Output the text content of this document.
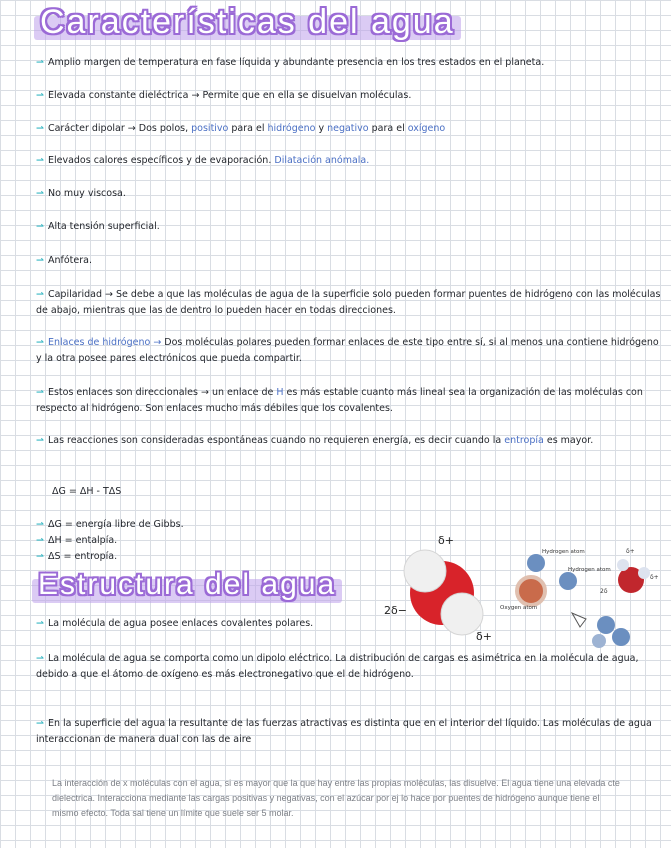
Características del agua
⇀ Amplio margen de temperatura en fase líquida y abundante presencia en los tres estados en el planeta.
⇀ Elevada constante dieléctrica → Permite que en ella se disuelvan moléculas.
⇀ Carácter dipolar → Dos polos, positivo para el hidrógeno y negativo para el oxígeno
⇀ Elevados calores específicos y de evaporación. Dilatación anómala.
⇀ No muy viscosa.
⇀ Alta tensión superficial.
⇀ Anfótera.
⇀ Capilaridad → Se debe a que las moléculas de agua de la superficie solo pueden formar puentes de hidrógeno con las moléculas de abajo, mientras que las de dentro lo pueden hacer en todas direcciones.
⇀ Enlaces de hidrógeno → Dos moléculas polares pueden formar enlaces de este tipo entre sí, si al menos una contiene hidrógeno y la otra posee pares electrónicos que pueda compartir.
⇀ Estos enlaces son direccionales → un enlace de H es más estable cuanto más lineal sea la organización de las moléculas con respecto al hidrógeno. Son enlaces mucho más débiles que los covalentes.
⇀ Las reacciones son consideradas espontáneas cuando no requieren energía, es decir cuando la entropía es mayor.
ΔG = ΔH - TΔS
⇀ ΔG = energía libre de Gibbs.
⇀ ΔH = entalpía.
⇀ ΔS = entropía.
Estructura del agua
⇀ La molécula de agua posee enlaces covalentes polares.
⇀ La molécula de agua se comporta como un dipolo eléctrico. La distribución de cargas es asimétrica en la molécula de agua, debido a que el átomo de oxígeno es más electronegativo que el de hidrógeno.
⇀ En la superficie del agua la resultante de las fuerzas atractivas es distinta que en el interior del líquido. Las moléculas de agua interaccionan de manera dual con las de aire
La interacción de x moléculas con el agua, si es mayor que la que hay entre las propias moléculas, las disuelve. El agua tiene una elevada cte dielectrica. Interacciona mediante las cargas positivas y negativas, con el azúcar por ej lo hace por puentes de hidrógeno aunque tiene el mismo efecto. Toda sal tiene un límite que suele ser 5 molar.
δ+
2δ−
δ+
Hydrogen atom
Hydrogen atom
Oxygen atom
δ+
δ+
2δ
